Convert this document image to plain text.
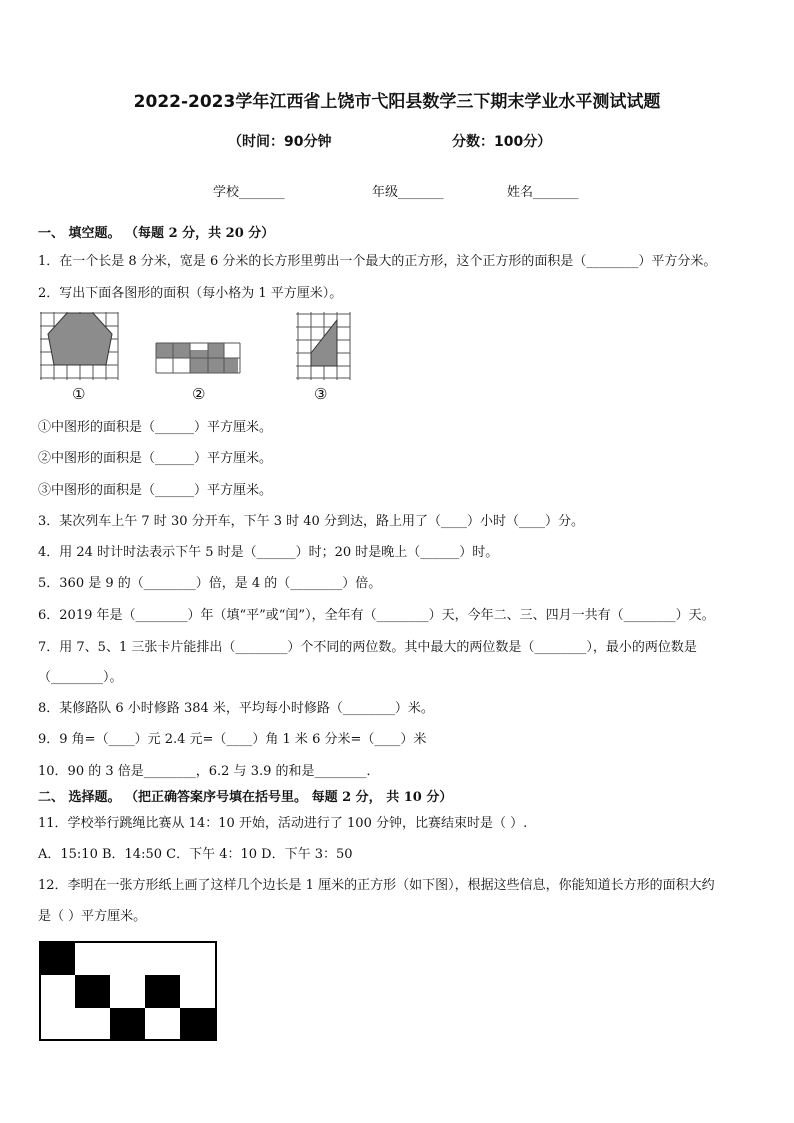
2022-2023学年江西省上饶市弋阳县数学三下期末学业水平测试试题
（时间：90分钟	分数：100分）
学校_______	年级_______	姓名_______
一、 填空题。 （每题 2 分，共 20 分）
1．在一个长是 8 分米，宽是 6 分米的长方形里剪出一个最大的正方形，这个正方形的面积是（________）平方分米。
2．写出下面各图形的面积（每小格为 1 平方厘米）。
①	②	③
①中图形的面积是（______）平方厘米。
②中图形的面积是（______）平方厘米。
③中图形的面积是（______）平方厘米。
3．某次列车上午 7 时 30 分开车，下午 3 时 40 分到达，路上用了（____）小时（____）分。
4．用 24 时计时法表示下午 5 时是（______）时；20 时是晚上（______）时。
5．360 是 9 的（________）倍，是 4 的（________）倍。
6．2019 年是（________）年（填“平”或“闰”），全年有（________）天，今年二、三、四月一共有（________）天。
7．用 7、5、1 三张卡片能排出（________）个不同的两位数。其中最大的两位数是（________），最小的两位数是
（________）。
8．某修路队 6 小时修路 384 米，平均每小时修路（________）米。
9．9 角=（____）元 2.4 元=（____）角 1 米 6 分米=（____）米
10．90 的 3 倍是________，6.2 与 3.9 的和是________．
二、 选择题。 （把正确答案序号填在括号里。 每题 2 分， 共 10 分）
11．学校举行跳绳比赛从 14：10 开始，活动进行了 100 分钟，比赛结束时是（ ）.
A．15:10 B．14:50 C．下午 4：10 D．下午 3：50
12．李明在一张方形纸上画了这样几个边长是 1 厘米的正方形（如下图），根据这些信息，你能知道长方形的面积大约
是（ ）平方厘米。
